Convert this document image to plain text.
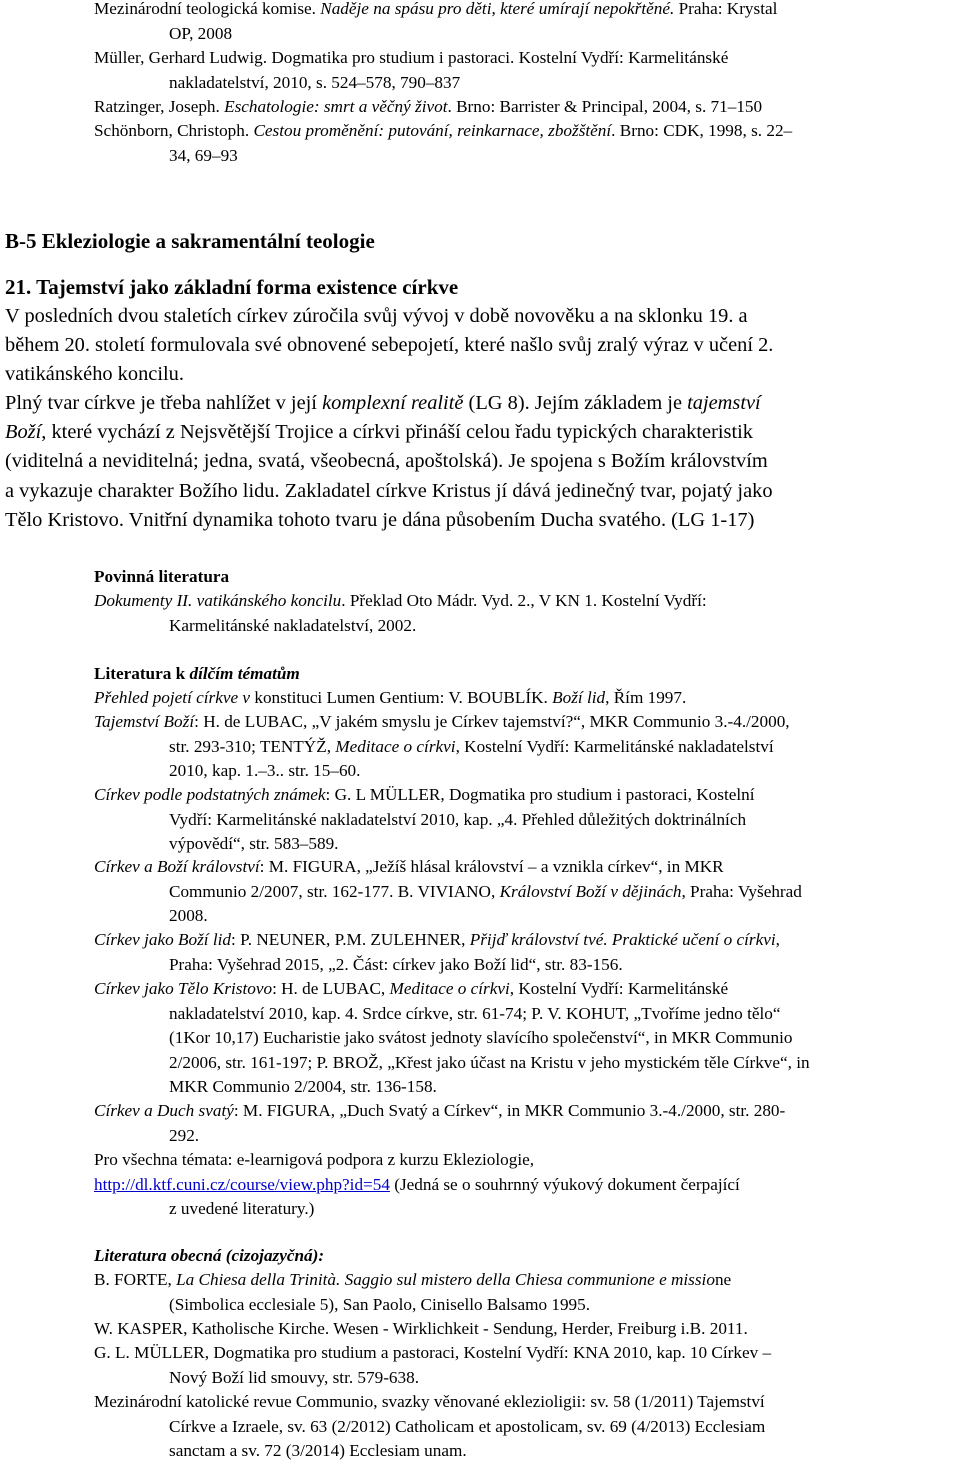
Mezinárodní teologická komise. Naděje na spásu pro děti, které umírají nepokřtěné. Praha: Krystal
OP, 2008
Müller, Gerhard Ludwig. Dogmatika pro studium i pastoraci. Kostelní Vydří: Karmelitánské
nakladatelství, 2010, s. 524–578, 790–837
Ratzinger, Joseph. Eschatologie: smrt a věčný život. Brno: Barrister & Principal, 2004, s. 71–150
Schönborn, Christoph. Cestou proměnění: putování, reinkarnace, zbožštění. Brno: CDK, 1998, s. 22–
34, 69–93
B-5 Ekleziologie a sakramentální teologie
21. Tajemství jako základní forma existence církve
V posledních dvou staletích církev zúročila svůj vývoj v době novověku a na sklonku 19. a
během 20. století formulovala své obnovené sebepojetí, které našlo svůj zralý výraz v učení 2.
vatikánského koncilu.
Plný tvar církve je třeba nahlížet v její komplexní realitě (LG 8). Jejím základem je tajemství
Boží, které vychází z Nejsvětější Trojice a církvi přináší celou řadu typických charakteristik
(viditelná a neviditelná; jedna, svatá, všeobecná, apoštolská). Je spojena s Božím královstvím
a vykazuje charakter Božího lidu. Zakladatel církve Kristus jí dává jedinečný tvar, pojatý jako
Tělo Kristovo. Vnitřní dynamika tohoto tvaru je dána působením Ducha svatého. (LG 1-17)
Povinná literatura
Dokumenty II. vatikánského koncilu. Překlad Oto Mádr. Vyd. 2., V KN 1. Kostelní Vydří:
Karmelitánské nakladatelství, 2002.
Literatura k dílčím tématům
Přehled pojetí církve v konstituci Lumen Gentium: V. BOUBLÍK. Boží lid, Řím 1997.
Tajemství Boží: H. de LUBAC, „V jakém smyslu je Církev tajemství?“, MKR Communio 3.-4./2000,
str. 293-310; TENTÝŽ, Meditace o církvi, Kostelní Vydří: Karmelitánské nakladatelství
2010, kap. 1.–3.. str. 15–60.
Církev podle podstatných známek: G. L MÜLLER, Dogmatika pro studium i pastoraci, Kostelní
Vydří: Karmelitánské nakladatelství 2010, kap. „4. Přehled důležitých doktrinálních
výpovědí“, str. 583–589.
Církev a Boží království: M. FIGURA, „Ježíš hlásal království – a vznikla církev“, in MKR
Communio 2/2007, str. 162-177. B. VIVIANO, Království Boží v dějinách, Praha: Vyšehrad
2008.
Církev jako Boží lid: P. NEUNER, P.M. ZULEHNER, Přijď království tvé. Praktické učení o církvi,
Praha: Vyšehrad 2015, „2. Část: církev jako Boží lid“, str. 83-156.
Církev jako Tělo Kristovo: H. de LUBAC, Meditace o církvi, Kostelní Vydří: Karmelitánské
nakladatelství 2010, kap. 4. Srdce církve, str. 61-74; P. V. KOHUT, „Tvoříme jedno tělo“
(1Kor 10,17) Eucharistie jako svátost jednoty slavícího společenství“, in MKR Communio
2/2006, str. 161-197; P. BROŽ, „Křest jako účast na Kristu v jeho mystickém těle Církve“, in
MKR Communio 2/2004, str. 136-158.
Církev a Duch svatý: M. FIGURA, „Duch Svatý a Církev“, in MKR Communio 3.-4./2000, str. 280-
292.
Pro všechna témata: e-learnigová podpora z kurzu Ekleziologie,
http://dl.ktf.cuni.cz/course/view.php?id=54 (Jedná se o souhrnný výukový dokument čerpající
z uvedené literatury.)
Literatura obecná (cizojazyčná):
B. FORTE, La Chiesa della Trinità. Saggio sul mistero della Chiesa communione e missione
(Simbolica ecclesiale 5), San Paolo, Cinisello Balsamo 1995.
W. KASPER, Katholische Kirche. Wesen - Wirklichkeit - Sendung, Herder, Freiburg i.B. 2011.
G. L. MÜLLER, Dogmatika pro studium a pastoraci, Kostelní Vydří: KNA 2010, kap. 10 Církev –
Nový Boží lid smouvy, str. 579-638.
Mezinárodní katolické revue Communio, svazky věnované eklezioligii: sv. 58 (1/2011) Tajemství
Církve a Izraele, sv. 63 (2/2012) Catholicam et apostolicam, sv. 69 (4/2013) Ecclesiam
sanctam a sv. 72 (3/2014) Ecclesiam unam.
